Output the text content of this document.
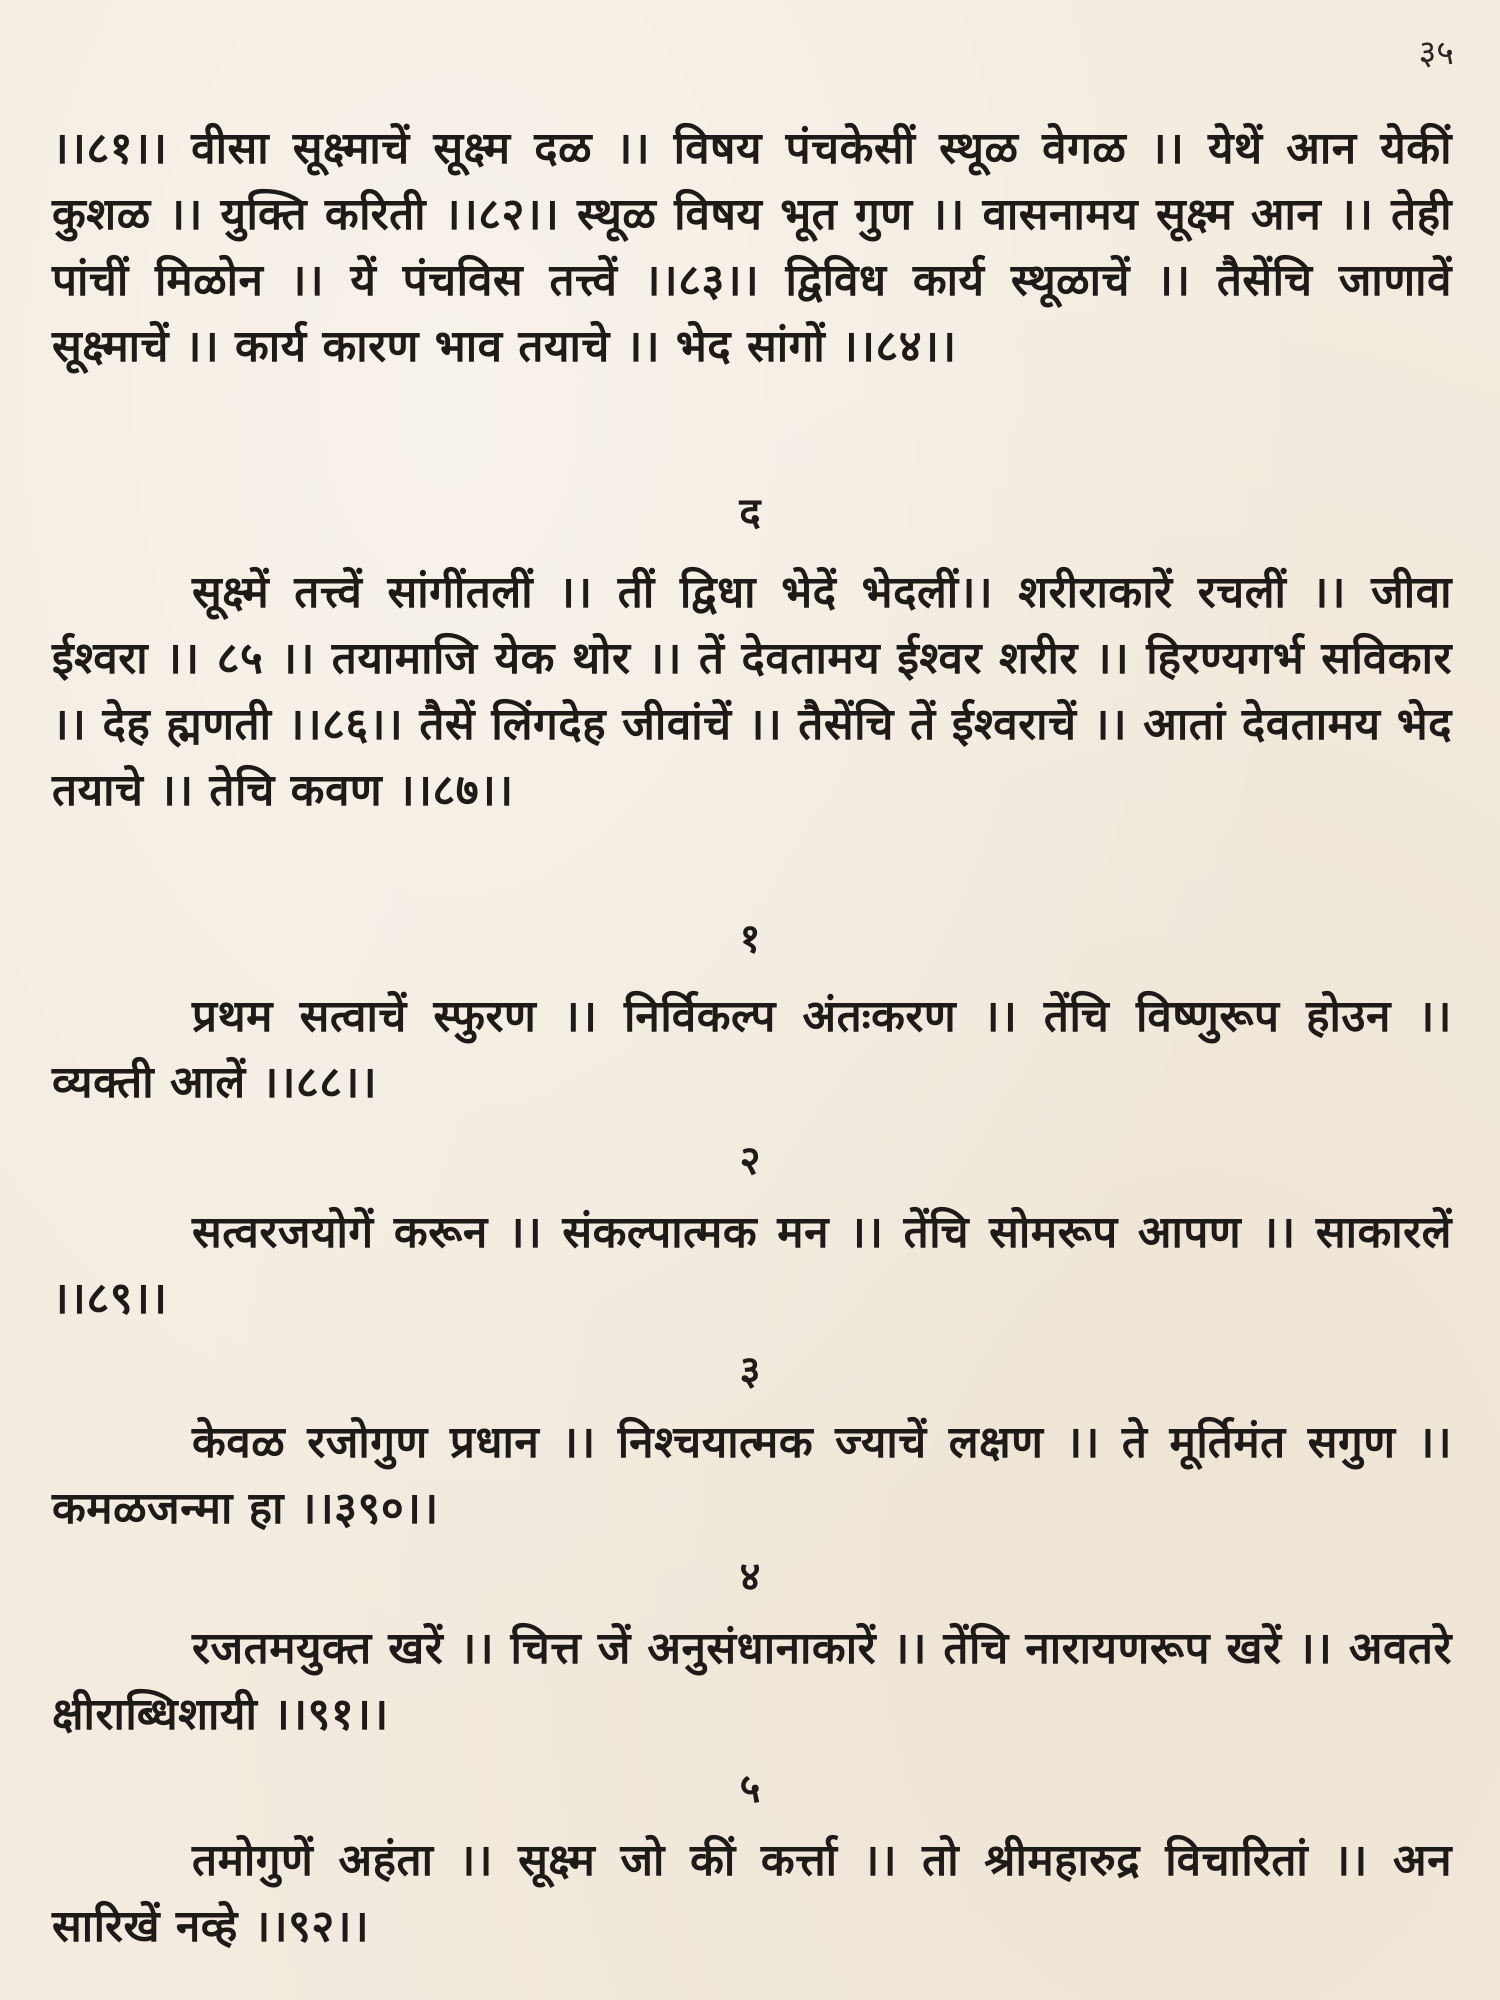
३५
।।८१।। वीसा सूक्ष्माचें सूक्ष्म दळ ।। विषय पंचकेसीं स्थूळ वेगळ ।। येथें आन येकीं कुशळ ।। युक्ति करिती ।।८२।। स्थूळ विषय भूत गुण ।। वासनामय सूक्ष्म आन ।। तेही पांचीं मिळोन ।। यें पंचविस तत्त्वें ।।८३।। द्विविध कार्य स्थूळाचें ।। तैसेंचि जाणावें सूक्ष्माचें ।। कार्य कारण भाव तयाचे ।। भेद सांगों ।।८४।।
द
सूक्ष्में तत्त्वें सांगींतलीं ।। तीं द्विधा भेदें भेदलीं।। शरीराकारें रचलीं ।। जीवा ईश्वरा ।। ८५ ।। तयामाजि येक थोर ।। तें देवतामय ईश्वर शरीर ।। हिरण्यगर्भ सविकार ।। देह ह्मणती ।।८६।। तैसें लिंगदेह जीवांचें ।। तैसेंचि तें ईश्वराचें ।। आतां देवतामय भेद तयाचे ।। तेचि कवण ।।८७।।
१
प्रथम सत्वाचें स्फुरण ।। निर्विकल्प अंतःकरण ।। तेंचि विष्णुरूप होउन ।। व्यक्ती आलें ।।८८।।
२
सत्वरजयोगें करून ।। संकल्पात्मक मन ।। तेंचि सोमरूप आपण ।। साकारलें ।।८९।।
३
केवळ रजोगुण प्रधान ।। निश्चयात्मक ज्याचें लक्षण ।। ते मूर्तिमंत सगुण ।। कमळजन्मा हा ।।३९०।।
४
रजतमयुक्त खरें ।। चित्त जें अनुसंधानाकारें ।। तेंचि नारायणरूप खरें ।। अवतरे क्षीराब्धिशायी ।।९१।।
५
तमोगुणें अहंता ।। सूक्ष्म जो कीं कर्त्ता ।। तो श्रीमहारुद्र विचारितां ।। अन सारिखें नव्हे ।।९२।।
